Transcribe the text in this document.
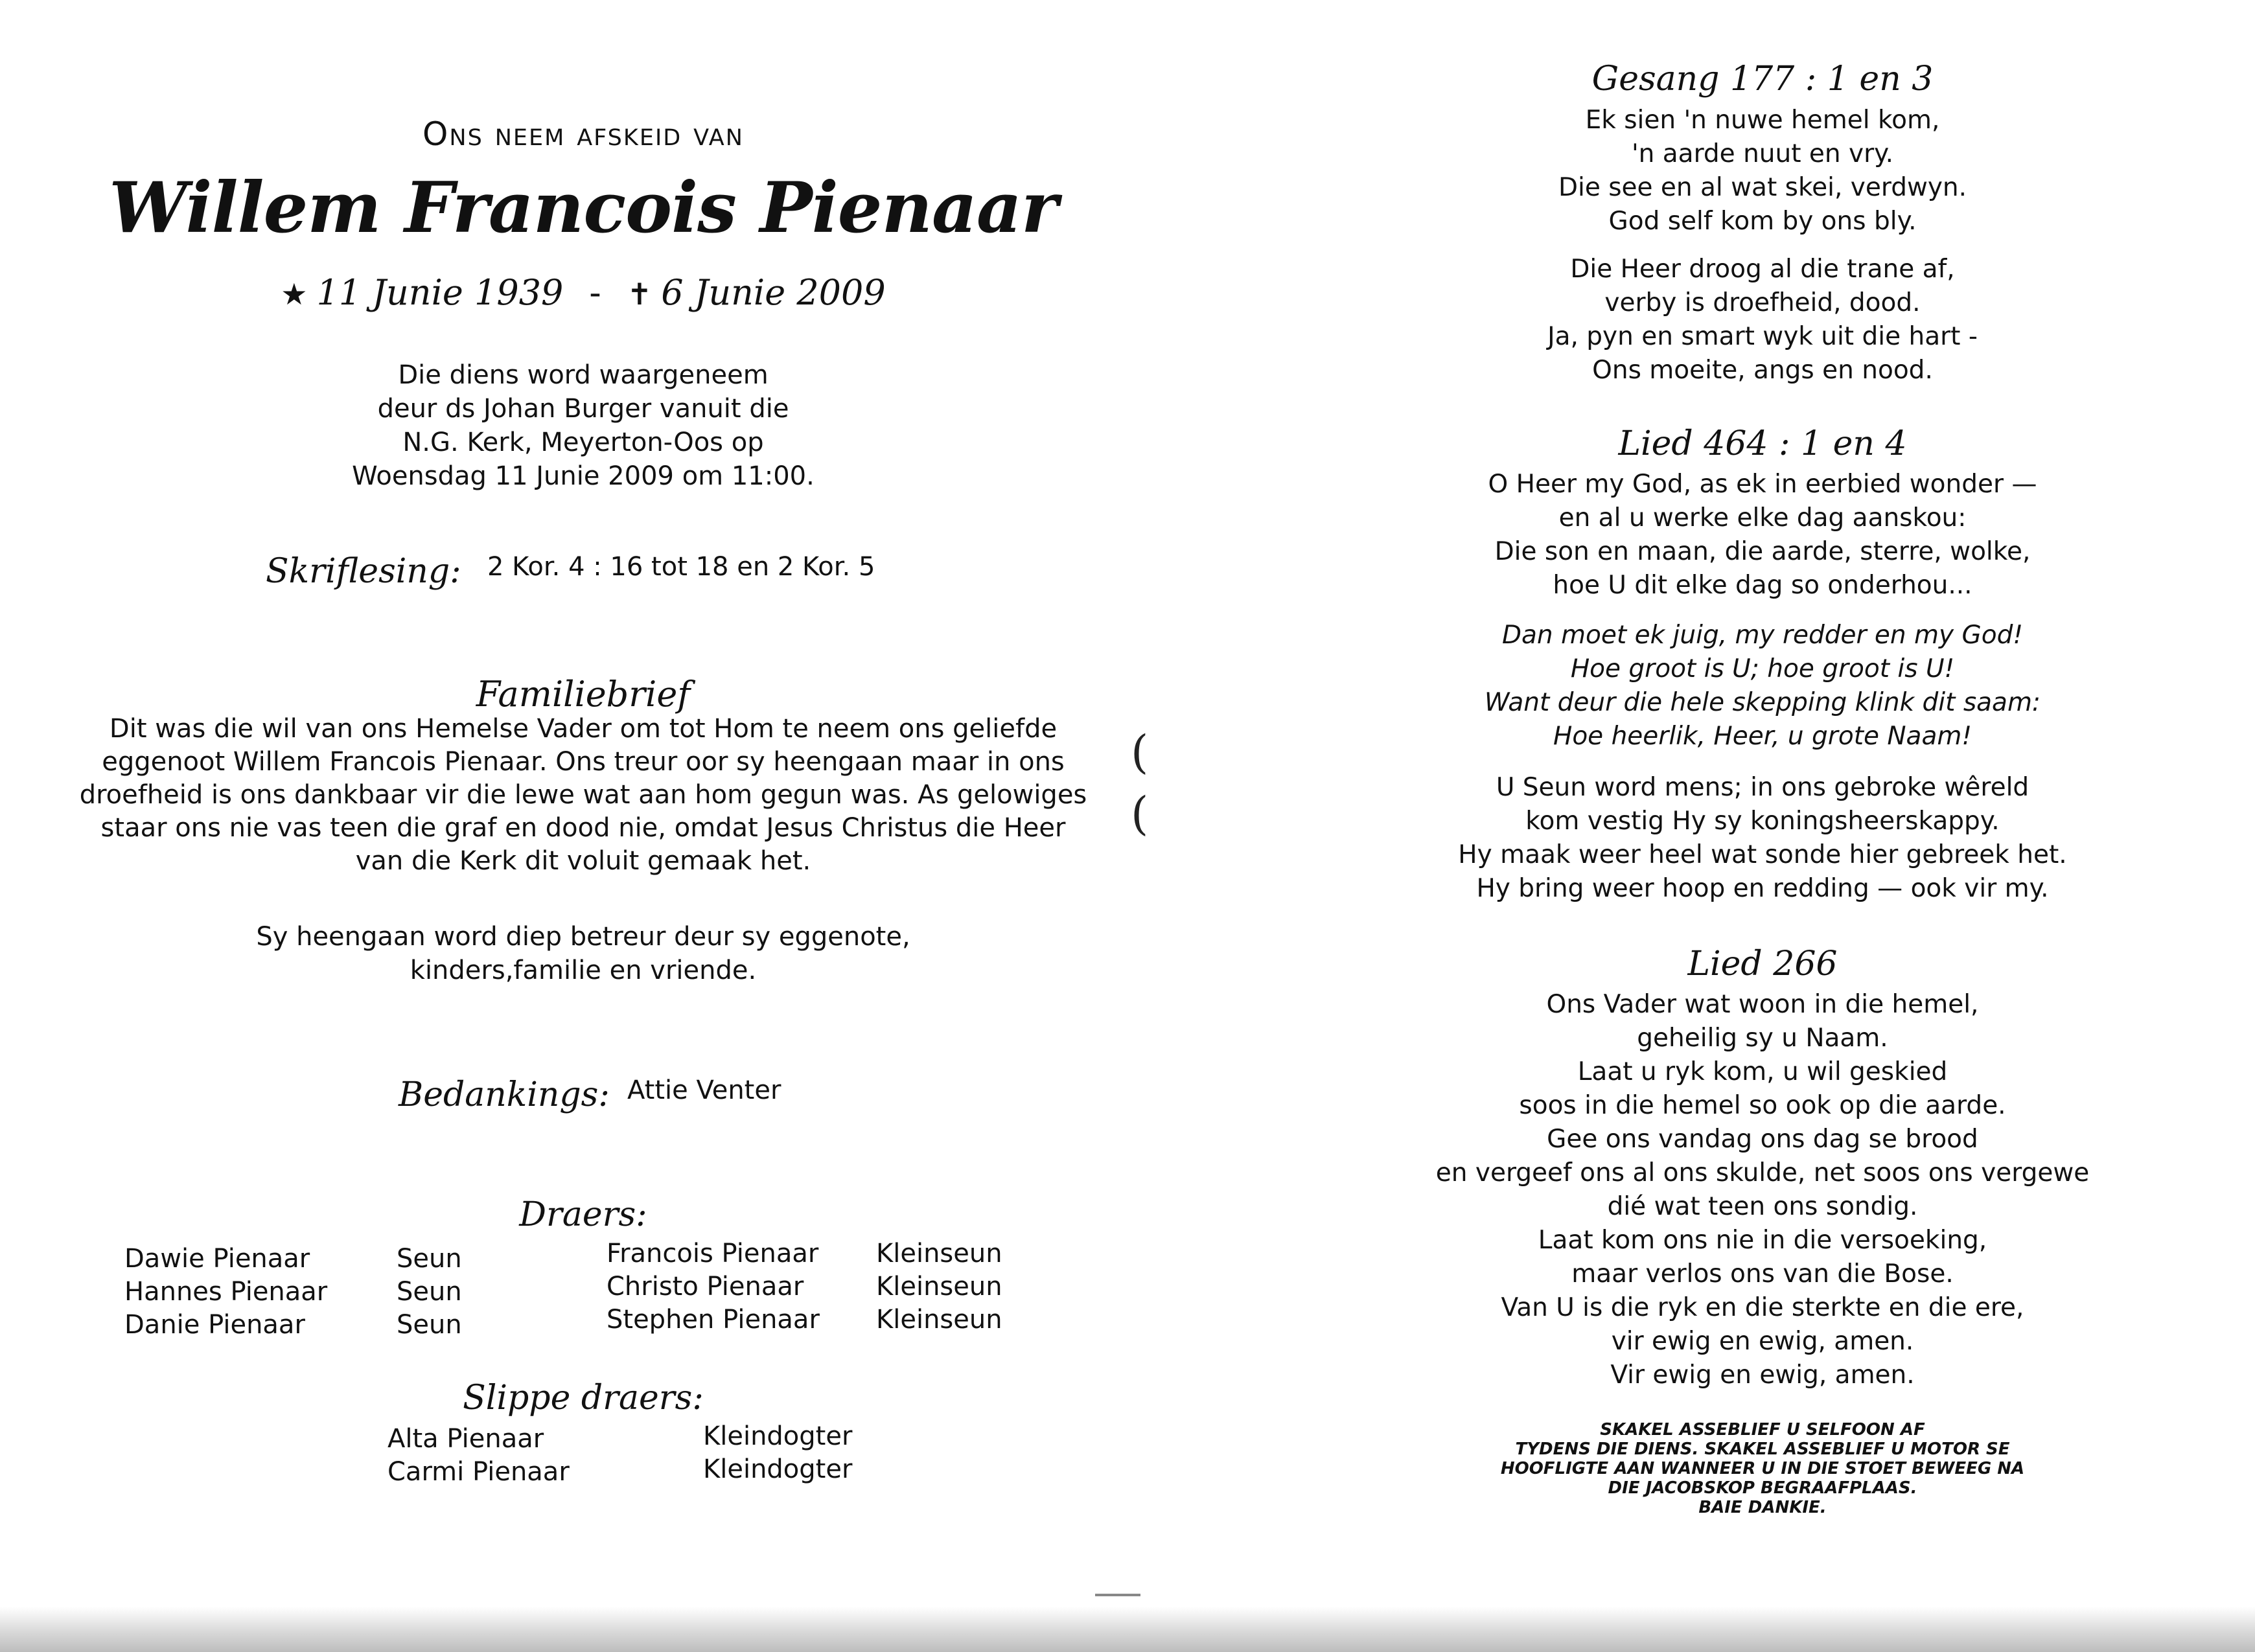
(
(
Ons neem afskeid van
Willem Francois Pienaar
★ 11 Junie 1939 - ✝ 6 Junie 2009
Die diens word waargeneem
deur ds Johan Burger vanuit die
N.G. Kerk, Meyerton-Oos op
Woensdag 11 Junie 2009 om 11:00.
Skriflesing: 2 Kor. 4 : 16 tot 18 en 2 Kor. 5
Familiebrief
Dit was die wil van ons Hemelse Vader om tot Hom te neem ons geliefde
eggenoot Willem Francois Pienaar. Ons treur oor sy heengaan maar in ons
droefheid is ons dankbaar vir die lewe wat aan hom gegun was. As gelowiges
staar ons nie vas teen die graf en dood nie, omdat Jesus Christus die Heer
van die Kerk dit voluit gemaak het.
Sy heengaan word diep betreur deur sy eggenote,
kinders,familie en vriende.
Bedankings: Attie Venter
Draers:
Dawie Pienaar
Hannes Pienaar
Danie Pienaar
Seun
Seun
Seun
Francois Pienaar
Christo Pienaar
Stephen Pienaar
Kleinseun
Kleinseun
Kleinseun
Slippe draers:
Alta Pienaar
Carmi Pienaar
Kleindogter
Kleindogter
Gesang 177 : 1 en 3
Ek sien 'n nuwe hemel kom,
'n aarde nuut en vry.
Die see en al wat skei, verdwyn.
God self kom by ons bly.
Die Heer droog al die trane af,
verby is droefheid, dood.
Ja, pyn en smart wyk uit die hart -
Ons moeite, angs en nood.
Lied 464 : 1 en 4
O Heer my God, as ek in eerbied wonder —
en al u werke elke dag aanskou:
Die son en maan, die aarde, sterre, wolke,
hoe U dit elke dag so onderhou...
Dan moet ek juig, my redder en my God!
Hoe groot is U; hoe groot is U!
Want deur die hele skepping klink dit saam:
Hoe heerlik, Heer, u grote Naam!
U Seun word mens; in ons gebroke wêreld
kom vestig Hy sy koningsheerskappy.
Hy maak weer heel wat sonde hier gebreek het.
Hy bring weer hoop en redding — ook vir my.
Lied 266
Ons Vader wat woon in die hemel,
geheilig sy u Naam.
Laat u ryk kom, u wil geskied
soos in die hemel so ook op die aarde.
Gee ons vandag ons dag se brood
en vergeef ons al ons skulde, net soos ons vergewe
dié wat teen ons sondig.
Laat kom ons nie in die versoeking,
maar verlos ons van die Bose.
Van U is die ryk en die sterkte en die ere,
vir ewig en ewig, amen.
Vir ewig en ewig, amen.
SKAKEL ASSEBLIEF U SELFOON AF
TYDENS DIE DIENS. SKAKEL ASSEBLIEF U MOTOR SE
HOOFLIGTE AAN WANNEER U IN DIE STOET BEWEEG NA
DIE JACOBSKOP BEGRAAFPLAAS.
BAIE DANKIE.
